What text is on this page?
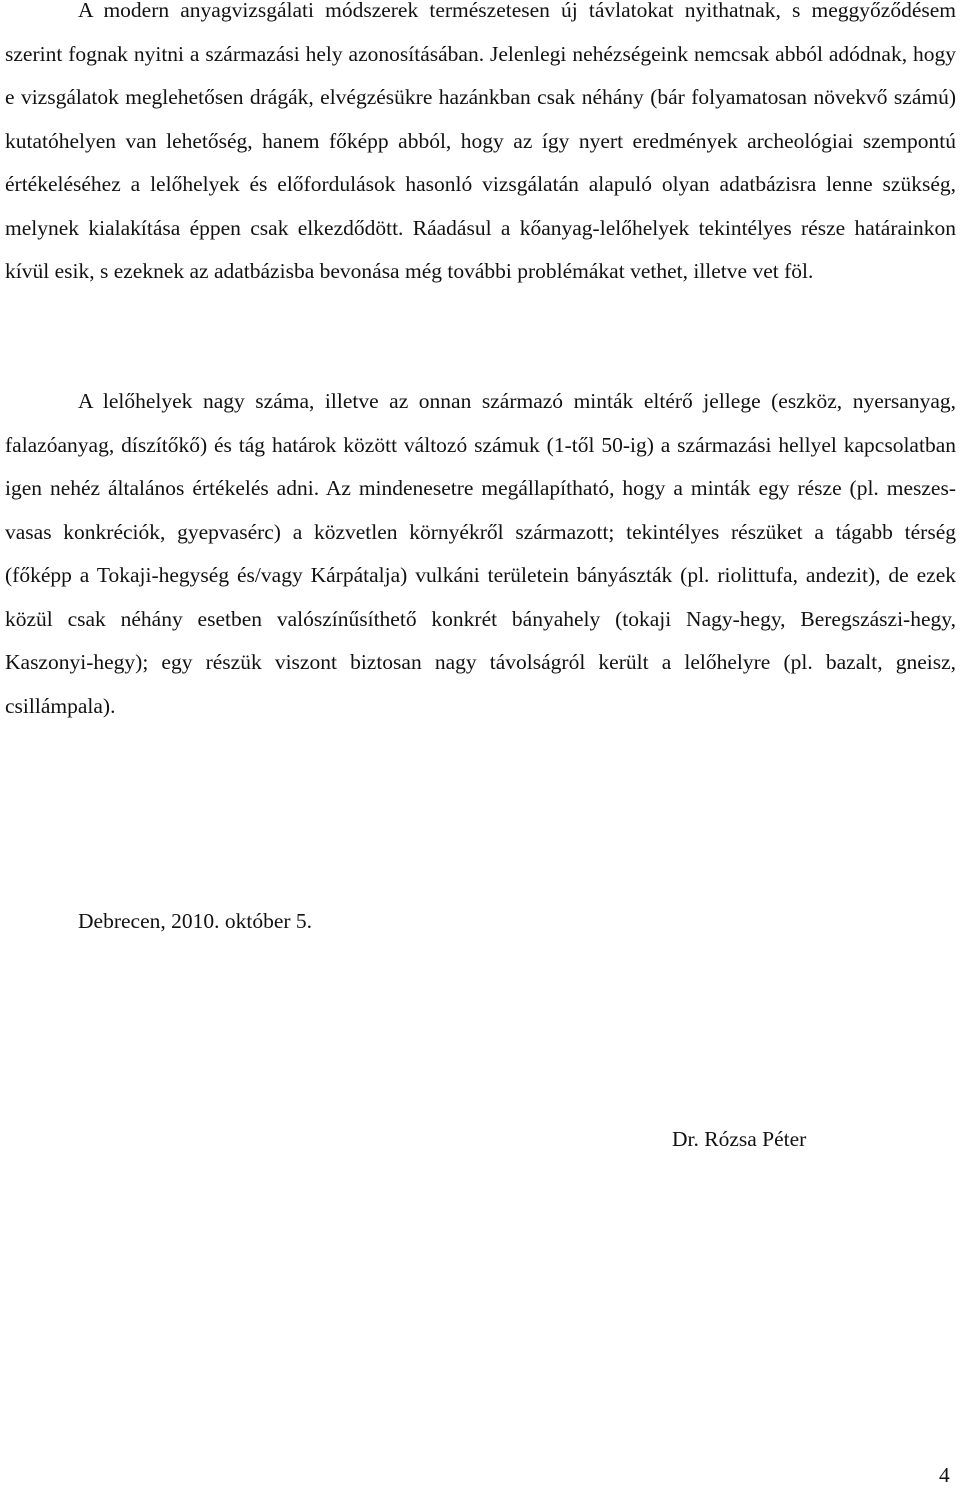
A modern anyagvizsgálati módszerek természetesen új távlatokat nyithatnak, s meggyőződésem szerint fognak nyitni a származási hely azonosításában. Jelenlegi nehézségeink nemcsak abból adódnak, hogy e vizsgálatok meglehetősen drágák, elvégzésükre hazánkban csak néhány (bár folyamatosan növekvő számú) kutatóhelyen van lehetőség, hanem főképp abból, hogy az így nyert eredmények archeológiai szempontú értékeléséhez a lelőhelyek és előfordulások hasonló vizsgálatán alapuló olyan adatbázisra lenne szükség, melynek kialakítása éppen csak elkezdődött. Ráadásul a kőanyag-lelőhelyek tekintélyes része határainkon kívül esik, s ezeknek az adatbázisba bevonása még további problémákat vethet, illetve vet föl.

A lelőhelyek nagy száma, illetve az onnan származó minták eltérő jellege (eszköz, nyersanyag, falazóanyag, díszítőkő) és tág határok között változó számuk (1-től 50-ig) a származási hellyel kapcsolatban igen nehéz általános értékelés adni. Az mindenesetre megállapítható, hogy a minták egy része (pl. meszes-vasas konkréciók, gyepvasérc) a közvetlen környékről származott; tekintélyes részüket a tágabb térség (főképp a Tokaji-hegység és/vagy Kárpátalja) vulkáni területein bányászták (pl. riolittufa, andezit), de ezek közül csak néhány esetben valószínűsíthető konkrét bányahely (tokaji Nagy-hegy, Beregszászi-hegy, Kaszonyi-hegy); egy részük viszont biztosan nagy távolságról került a lelőhelyre (pl. bazalt, gneisz, csillámpala).

Debrecen, 2010. október 5.

Dr. Rózsa Péter

4
